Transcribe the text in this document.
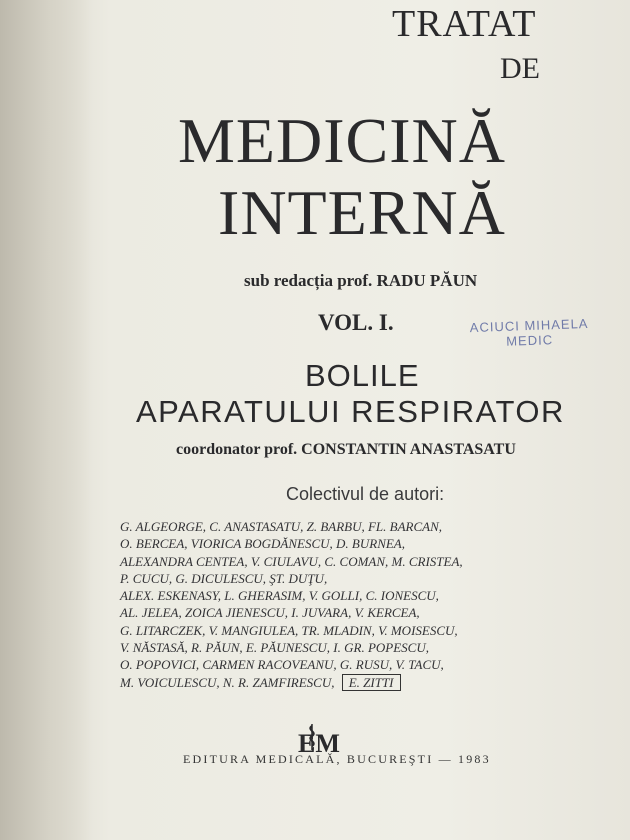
TRATAT
DE
MEDICINĂ
INTERNĂ
sub redacția prof. RADU PĂUN
VOL. I.	ACIUCI MIHAELA
MEDIC
BOLILE
APARATULUI RESPIRATOR
coordonator prof. CONSTANTIN ANASTASATU
Colectivul de autori:
G. ALGEORGE, C. ANASTASATU, Z. BARBU, FL. BARCAN,
O. BERCEA, VIORICA BOGDĂNESCU, D. BURNEA,
ALEXANDRA CENTEA, V. CIULAVU, C. COMAN, M. CRISTEA,
P. CUCU, G. DICULESCU, ŞT. DUŢU,
ALEX. ESKENASY, L. GHERASIM, V. GOLLI, C. IONESCU,
AL. JELEA, ZOICA JIENESCU, I. JUVARA, V. KERCEA,
G. LITARCZEK, V. MANGIULEA, TR. MLADIN, V. MOISESCU,
V. NĂSTASĂ, R. PĂUN, E. PĂUNESCU, I. GR. POPESCU,
O. POPOVICI, CARMEN RACOVEANU, G. RUSU, V. TACU,
M. VOICULESCU, N. R. ZAMFIRESCU, E. ZITTI
EM
EDITURA MEDICALĂ, BUCUREŞTI — 1983
